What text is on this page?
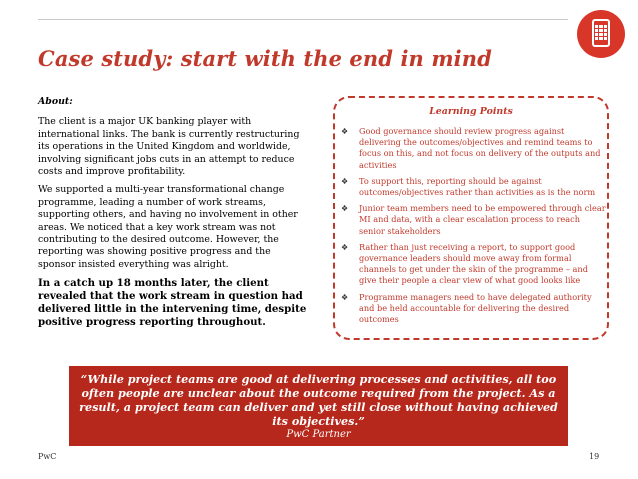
Case study: start with the end in mind

About:

The client is a major UK banking player with international links. The bank is currently restructuring its operations in the United Kingdom and worldwide, involving significant jobs cuts in an attempt to reduce costs and improve profitability.

We supported a multi-year transformational change programme, leading a number of work streams, supporting others, and having no involvement in other areas. We noticed that a key work stream was not contributing to the desired outcome. However, the reporting was showing positive progress and the sponsor insisted everything was alright.

In a catch up 18 months later, the client revealed that the work stream in question had delivered little in the intervening time, despite positive progress reporting throughout.

Learning Points
❖ Good governance should review progress against delivering the outcomes/objectives and remind teams to focus on this, and not focus on delivery of the outputs and activities
❖ To support this, reporting should be against outcomes/objectives rather than activities as is the norm
❖ Junior team members need to be empowered through clear MI and data, with a clear escalation process to reach senior stakeholders
❖ Rather than just receiving a report, to support good governance leaders should move away from formal channels to get under the skin of the programme – and give their people a clear view of what good looks like
❖ Programme managers need to have delegated authority and be held accountable for delivering the desired outcomes
“While project teams are good at delivering processes and activities, all too often people are unclear about the outcome required from the project. As a result, a project team can deliver and yet still close without having achieved its objectives.”
PwC Partner
PwC	19
